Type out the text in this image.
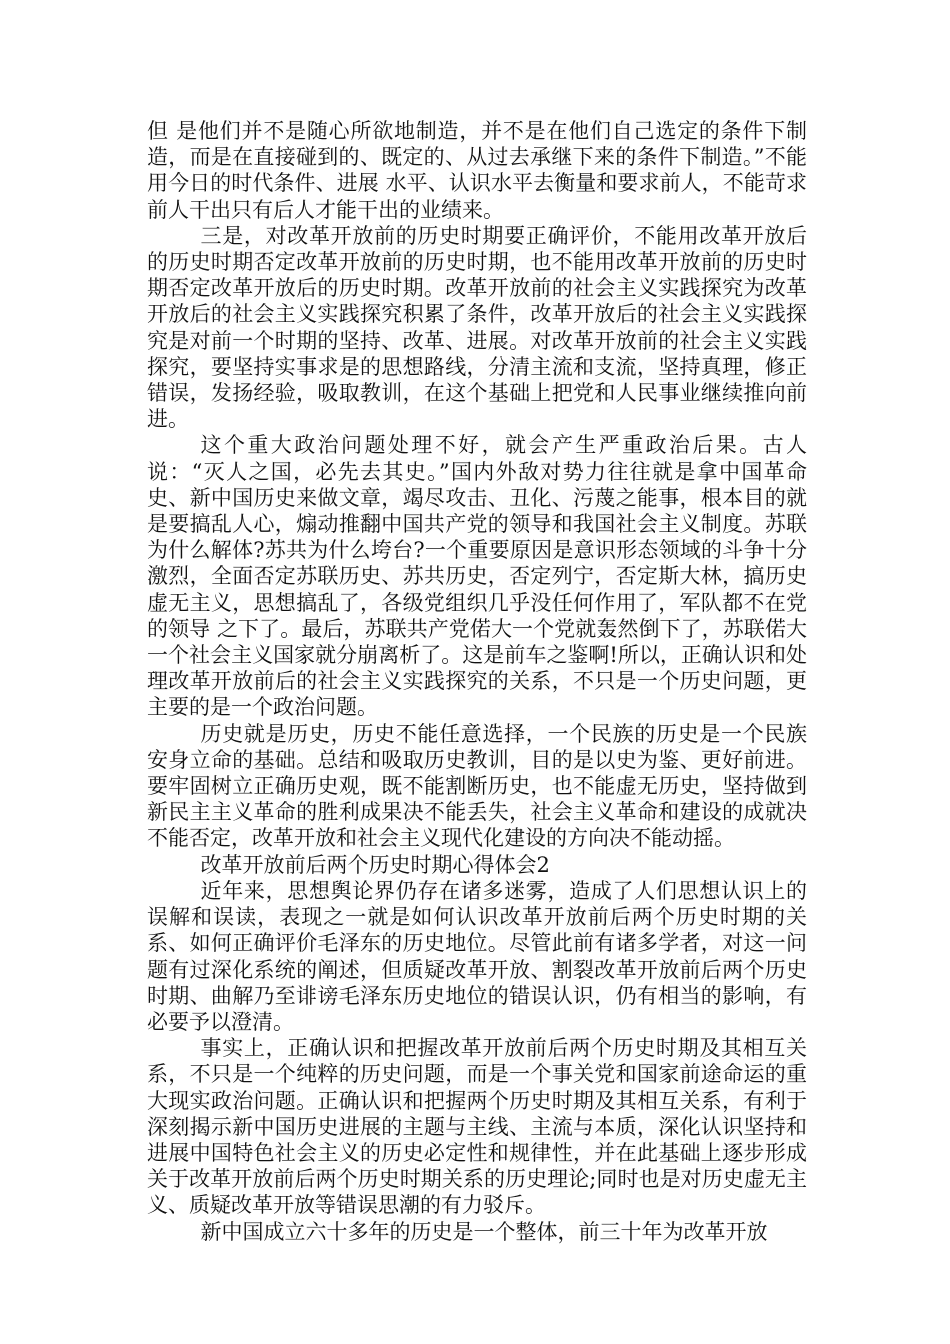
但 是他们并不是随心所欲地制造，并不是在他们自己选定的条件下制造，而是在直接碰到的、既定的、从过去承继下来的条件下制造。”不能用今日的时代条件、进展 水平、认识水平去衡量和要求前人，不能苛求前人干出只有后人才能干出的业绩来。

三是，对改革开放前的历史时期要正确评价，不能用改革开放后的历史时期否定改革开放前的历史时期，也不能用改革开放前的历史时期否定改革开放后的历史时期。改革开放前的社会主义实践探究为改革开放后的社会主义实践探究积累了条件，改革开放后的社会主义实践探究是对前一个时期的坚持、改革、进展。对改革开放前的社会主义实践探究，要坚持实事求是的思想路线，分清主流和支流，坚持真理，修正错误，发扬经验，吸取教训，在这个基础上把党和人民事业继续推向前 进。

这个重大政治问题处理不好，就会产生严重政治后果。古人说：“灭人之国，必先去其史。”国内外敌对势力往往就是拿中国革命史、新中国历史来做文章，竭尽攻击、丑化、污蔑之能事，根本目的就是要搞乱人心，煽动推翻中国共产党的领导和我国社会主义制度。苏联为什么解体?苏共为什么垮台?一个重要原因是意识形态领域的斗争十分激烈，全面否定苏联历史、苏共历史，否定列宁，否定斯大林，搞历史虚无主义，思想搞乱了，各级党组织几乎没任何作用了，军队都不在党的领导 之下了。最后，苏联共产党偌大一个党就轰然倒下了，苏联偌大一个社会主义国家就分崩离析了。这是前车之鉴啊!所以，正确认识和处理改革开放前后的社会主义实践探究的关系，不只是一个历史问题，更主要的是一个政治问题。

历史就是历史，历史不能任意选择，一个民族的历史是一个民族安身立命的基础。总结和吸取历史教训，目的是以史为鉴、更好前进。要牢固树立正确历史观，既不能割断历史，也不能虚无历史，坚持做到新民主主义革命的胜利成果决不能丢失，社会主义革命和建设的成就决不能否定，改革开放和社会主义现代化建设的方向决不能动摇。

改革开放前后两个历史时期心得体会2

近年来，思想舆论界仍存在诸多迷雾，造成了人们思想认识上的误解和误读，表现之一就是如何认识改革开放前后两个历史时期的关系、如何正确评价毛泽东的历史地位。尽管此前有诸多学者，对这一问题有过深化系统的阐述，但质疑改革开放、割裂改革开放前后两个历史时期、曲解乃至诽谤毛泽东历史地位的错误认识，仍有相当的影响，有必要予以澄清。

事实上，正确认识和把握改革开放前后两个历史时期及其相互关系，不只是一个纯粹的历史问题，而是一个事关党和国家前途命运的重大现实政治问题。正确认识和把握两个历史时期及其相互关系，有利于深刻揭示新中国历史进展的主题与主线、主流与本质，深化认识坚持和进展中国特色社会主义的历史必定性和规律性，并在此基础上逐步形成关于改革开放前后两个历史时期关系的历史理论;同时也是对历史虚无主义、质疑改革开放等错误思潮的有力驳斥。

新中国成立六十多年的历史是一个整体，前三十年为改革开放
